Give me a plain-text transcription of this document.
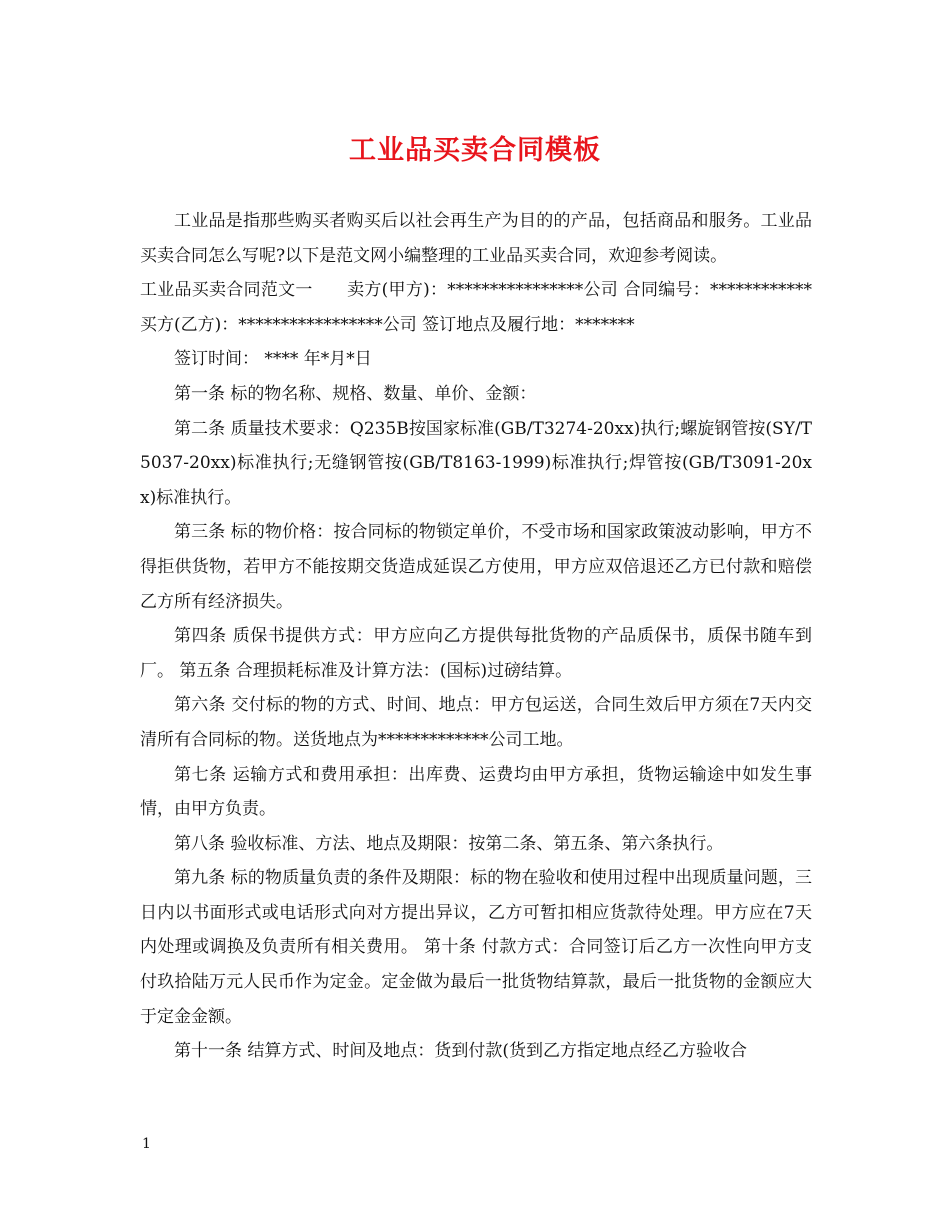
工业品买卖合同模板

工业品是指那些购买者购买后以社会再生产为目的的产品，包括商品和服务。工业品买卖合同怎么写呢?以下是范文网小编整理的工业品买卖合同，欢迎参考阅读。

工业品买卖合同范文一　　卖方(甲方)：****************公司 合同编号：************ 买方(乙方)：*****************公司 签订地点及履行地：*******

签订时间： **** 年*月*日

第一条 标的物名称、规格、数量、单价、金额：

第二条 质量技术要求：Q235B按国家标准(GB/T3274-20xx)执行;螺旋钢管按(SY/T5037-20xx)标准执行;无缝钢管按(GB/T8163-1999)标准执行;焊管按(GB/T3091-20xx)标准执行。

第三条 标的物价格：按合同标的物锁定单价，不受市场和国家政策波动影响，甲方不得拒供货物，若甲方不能按期交货造成延误乙方使用，甲方应双倍退还乙方已付款和赔偿乙方所有经济损失。

第四条 质保书提供方式：甲方应向乙方提供每批货物的产品质保书，质保书随车到厂。 第五条 合理损耗标准及计算方法：(国标)过磅结算。

第六条 交付标的物的方式、时间、地点：甲方包运送，合同生效后甲方须在7天内交清所有合同标的物。送货地点为*************公司工地。

第七条 运输方式和费用承担：出库费、运费均由甲方承担，货物运输途中如发生事情，由甲方负责。

第八条 验收标准、方法、地点及期限：按第二条、第五条、第六条执行。

第九条 标的物质量负责的条件及期限：标的物在验收和使用过程中出现质量问题，三日内以书面形式或电话形式向对方提出异议，乙方可暂扣相应货款待处理。甲方应在7天内处理或调换及负责所有相关费用。 第十条 付款方式：合同签订后乙方一次性向甲方支付玖拾陆万元人民币作为定金。定金做为最后一批货物结算款，最后一批货物的金额应大于定金金额。

第十一条 结算方式、时间及地点：货到付款(货到乙方指定地点经乙方验收合

1
